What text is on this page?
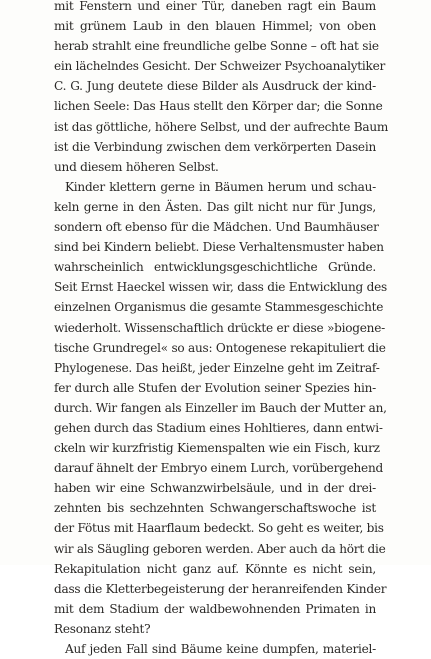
mit Fenstern und einer Tür, daneben ragt ein Baum
mit grünem Laub in den blauen Himmel; von oben
herab strahlt eine freundliche gelbe Sonne – oft hat sie
ein lächelndes Gesicht. Der Schweizer Psychoanalytiker
C. G. Jung deutete diese Bilder als Ausdruck der kind-
lichen Seele: Das Haus stellt den Körper dar; die Sonne
ist das göttliche, höhere Selbst, und der aufrechte Baum
ist die Verbindung zwischen dem verkörperten Dasein
und diesem höheren Selbst.
Kinder klettern gerne in Bäumen herum und schau-
keln gerne in den Ästen. Das gilt nicht nur für Jungs,
sondern oft ebenso für die Mädchen. Und Baumhäuser
sind bei Kindern beliebt. Diese Verhaltensmuster haben
wahrscheinlich entwicklungsgeschichtliche Gründe.
Seit Ernst Haeckel wissen wir, dass die Entwicklung des
einzelnen Organismus die gesamte Stammesgeschichte
wiederholt. Wissenschaftlich drückte er diese »biogene-
tische Grundregel« so aus: Ontogenese rekapituliert die
Phylogenese. Das heißt, jeder Einzelne geht im Zeitraf-
fer durch alle Stufen der Evolution seiner Spezies hin-
durch. Wir fangen als Einzeller im Bauch der Mutter an,
gehen durch das Stadium eines Hohltieres, dann entwi-
ckeln wir kurzfristig Kiemenspalten wie ein Fisch, kurz
darauf ähnelt der Embryo einem Lurch, vorübergehend
haben wir eine Schwanzwirbelsäule, und in der drei-
zehnten bis sechzehnten Schwangerschaftswoche ist
der Fötus mit Haarflaum bedeckt. So geht es weiter, bis
wir als Säugling geboren werden. Aber auch da hört die
Rekapitulation nicht ganz auf. Könnte es nicht sein,
dass die Kletterbegeisterung der heranreifenden Kinder
mit dem Stadium der waldbewohnenden Primaten in
Resonanz steht?
Auf jeden Fall sind Bäume keine dumpfen, materiel-
